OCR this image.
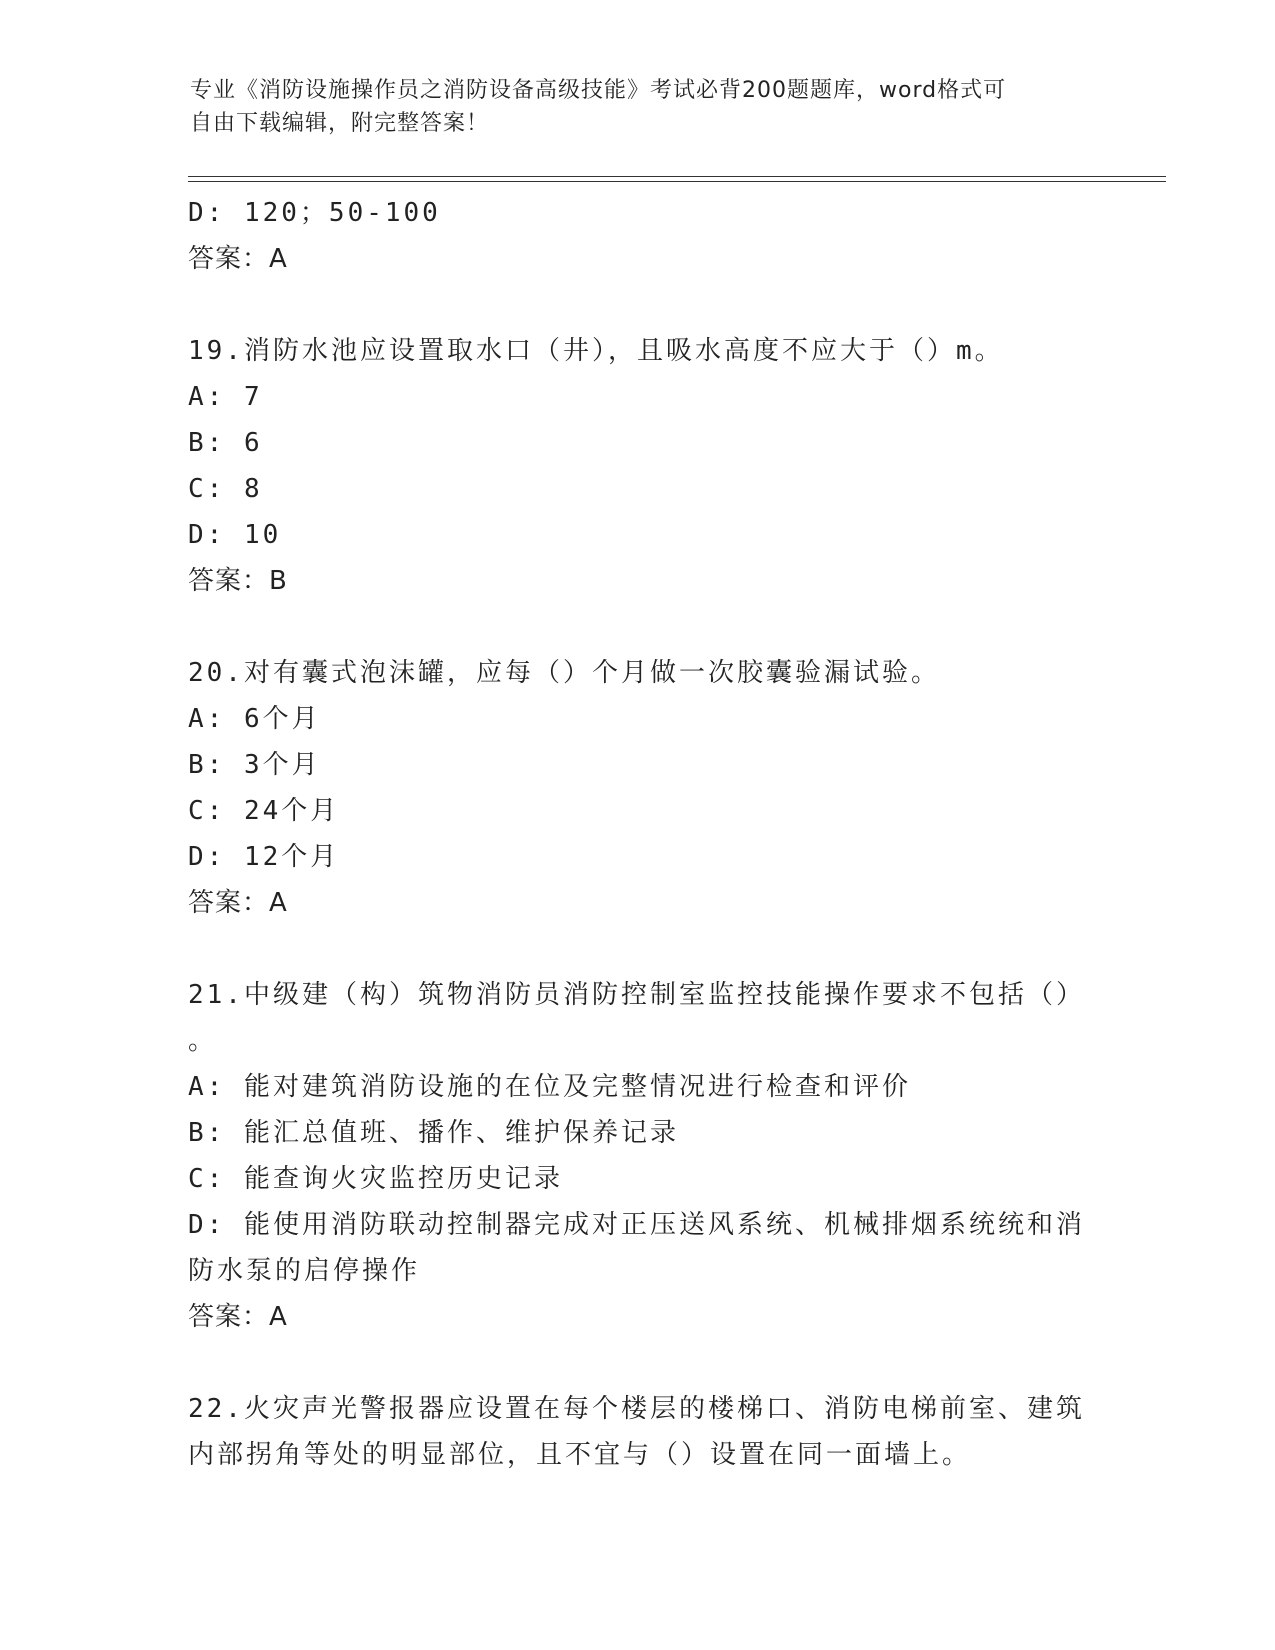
专业《消防设施操作员之消防设备高级技能》考试必背200题题库，word格式可
自由下载编辑，附完整答案！
D: 120；50-100
答案：A
19.消防水池应设置取水口（井），且吸水高度不应大于（）m。
A: 7
B: 6
C: 8
D: 10
答案：B
20.对有囊式泡沫罐，应每（）个月做一次胶囊验漏试验。
A: 6个月
B: 3个月
C: 24个月
D: 12个月
答案：A
21.中级建（构）筑物消防员消防控制室监控技能操作要求不包括（）
。
A: 能对建筑消防设施的在位及完整情况进行检查和评价
B: 能汇总值班、播作、维护保养记录
C: 能查询火灾监控历史记录
D: 能使用消防联动控制器完成对正压送风系统、机械排烟系统统和消
防水泵的启停操作
答案：A
22.火灾声光警报器应设置在每个楼层的楼梯口、消防电梯前室、建筑
内部拐角等处的明显部位，且不宜与（）设置在同一面墙上。
